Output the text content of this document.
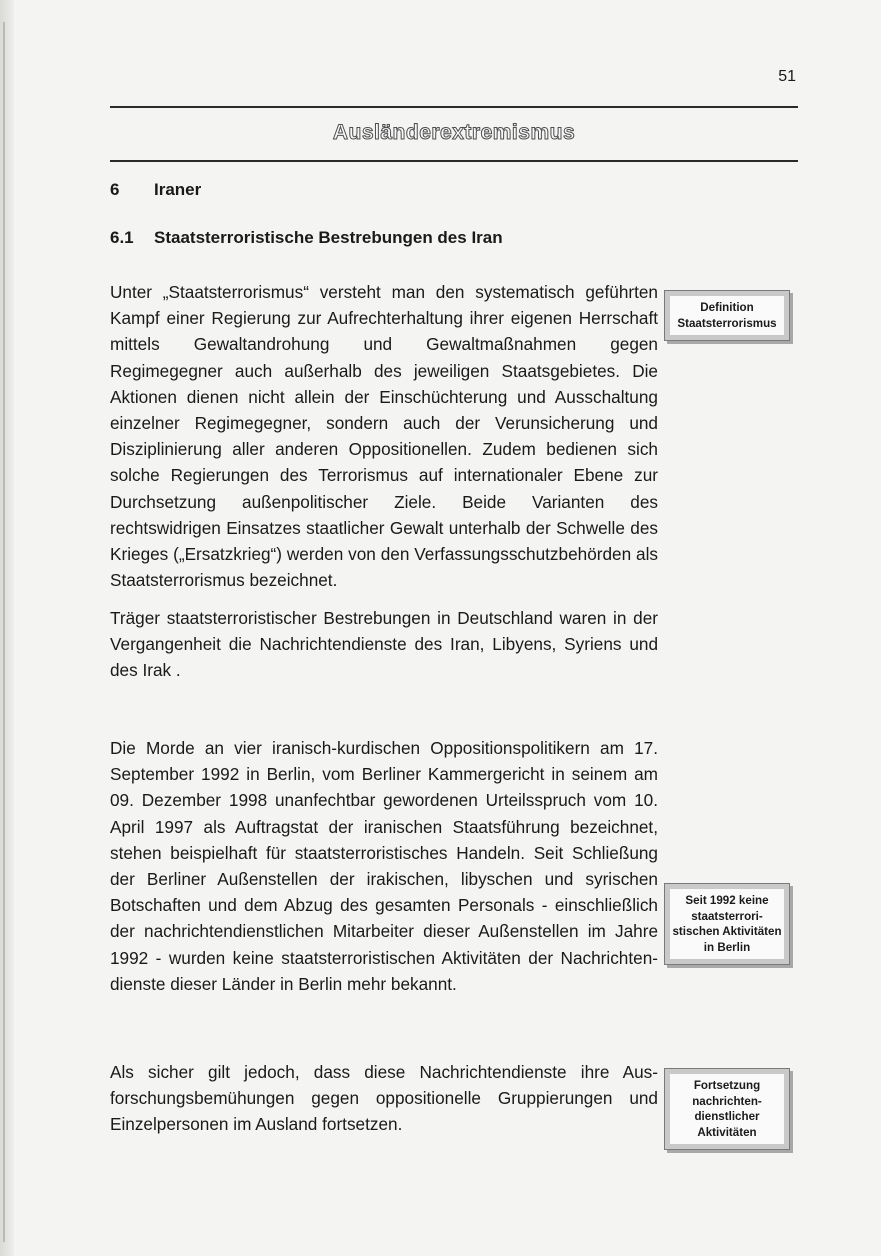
51
Ausländerextremismus
6 Iraner
6.1 Staatsterroristische Bestrebungen des Iran

Unter „Staatsterrorismus“ versteht man den systematisch geführten Kampf einer Regierung zur Aufrechterhaltung ihrer eigenen Herrschaft mittels Gewaltandrohung und Gewaltmaßnahmen gegen Regimegegner auch außerhalb des jeweiligen Staatsgebietes. Die Aktionen dienen nicht allein der Einschüchterung und Ausschaltung einzelner Regimegegner, sondern auch der Verunsicherung und Disziplinierung aller anderen Oppositionellen. Zudem bedienen sich solche Regierungen des Terrorismus auf internationaler Ebene zur Durchsetzung außenpolitischer Ziele. Beide Varianten des rechtswidrigen Einsatzes staatlicher Gewalt unterhalb der Schwelle des Krieges („Ersatzkrieg“) werden von den Verfassungsschutzbehörden als Staatsterrorismus bezeichnet.

Träger staatsterroristischer Bestrebungen in Deutschland waren in der Vergangenheit die Nachrichtendienste des Iran, Libyens, Syriens und des Irak .

Die Morde an vier iranisch-kurdischen Oppositionspolitikern am 17. September 1992 in Berlin, vom Berliner Kammergericht in seinem am 09. Dezember 1998 unanfechtbar gewordenen Urteilsspruch vom 10. April 1997 als Auftragstat der iranischen Staatsführung bezeichnet, stehen beispielhaft für staatsterroristisches Handeln. Seit Schließung der Berliner Außenstellen der irakischen, libyschen und syrischen Botschaften und dem Abzug des gesamten Personals - einschließlich der nachrichtendienstlichen Mitarbeiter dieser Außenstellen im Jahre 1992 - wurden keine staatsterroristischen Aktivitäten der Nachrichtendienste dieser Länder in Berlin mehr bekannt.

Als sicher gilt jedoch, dass diese Nachrichtendienste ihre Ausforschungsbemühungen gegen oppositionelle Gruppierungen und Einzelpersonen im Ausland fortsetzen.

Definition Staatsterrorismus
Seit 1992 keine staatsterroristischen Aktivitäten in Berlin
Fortsetzung nachrichtendienstlicher Aktivitäten
